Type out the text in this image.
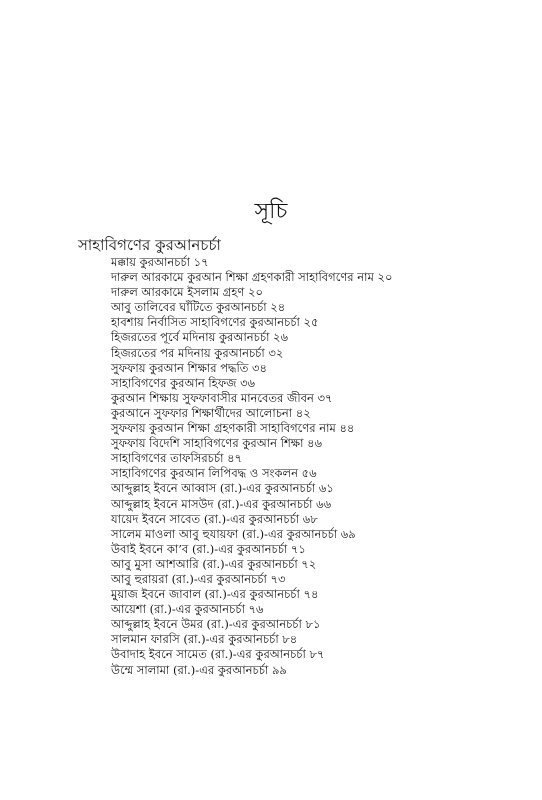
সূচি
সাহাবিগণের কুরআনচর্চা
মক্কায় কুরআনচর্চা ১৭
দারুল আরকামে কুরআন শিক্ষা গ্রহণকারী সাহাবিগণের নাম ২০
দারুল আরকামে ইসলাম গ্রহণ ২০
আবু তালিবের ঘাঁটিতে কুরআনচর্চা ২৪
হাবশায় নির্বাসিত সাহাবিগণের কুরআনচর্চা ২৫
হিজরতের পূর্বে মদিনায় কুরআনচর্চা ২৬
হিজরতের পর মদিনায় কুরআনচর্চা ৩২
সুফফায় কুরআন শিক্ষার পদ্ধতি ৩৪
সাহাবিগণের কুরআন হিফজ ৩৬
কুরআন শিক্ষায় সুফফাবাসীর মানবেতর জীবন ৩৭
কুরআনে সুফফার শিক্ষার্থীদের আলোচনা ৪২
সুফফায় কুরআন শিক্ষা গ্রহণকারী সাহাবিগণের নাম ৪৪
সুফফায় বিদেশি সাহাবিগণের কুরআন শিক্ষা ৪৬
সাহাবিগণের তাফসিরচর্চা ৪৭
সাহাবিগণের কুরআন লিপিবদ্ধ ও সংকলন ৫৬
আব্দুল্লাহ ইবনে আব্বাস (রা.)-এর কুরআনচর্চা ৬১
আব্দুল্লাহ ইবনে মাসউদ (রা.)-এর কুরআনচর্চা ৬৬
যায়েদ ইবনে সাবেত (রা.)-এর কুরআনচর্চা ৬৮
সালেম মাওলা আবু হুযায়ফা (রা.)-এর কুরআনচর্চা ৬৯
উবাই ইবনে কা’ব (রা.)-এর কুরআনচর্চা ৭১
আবু মুসা আশআরি (রা.)-এর কুরআনচর্চা ৭২
আবু হুরায়রা (রা.)-এর কুরআনচর্চা ৭৩
মুয়াজ ইবনে জাবাল (রা.)-এর কুরআনচর্চা ৭৪
আয়েশা (রা.)-এর কুরআনচর্চা ৭৬
আব্দুল্লাহ ইবনে উমর (রা.)-এর কুরআনচর্চা ৮১
সালমান ফারসি (রা.)-এর কুরআনচর্চা ৮৪
উবাদাহ ইবনে সামেত (রা.)-এর কুরআনচর্চা ৮৭
উম্মে সালামা (রা.)-এর কুরআনচর্চা ৯৯
